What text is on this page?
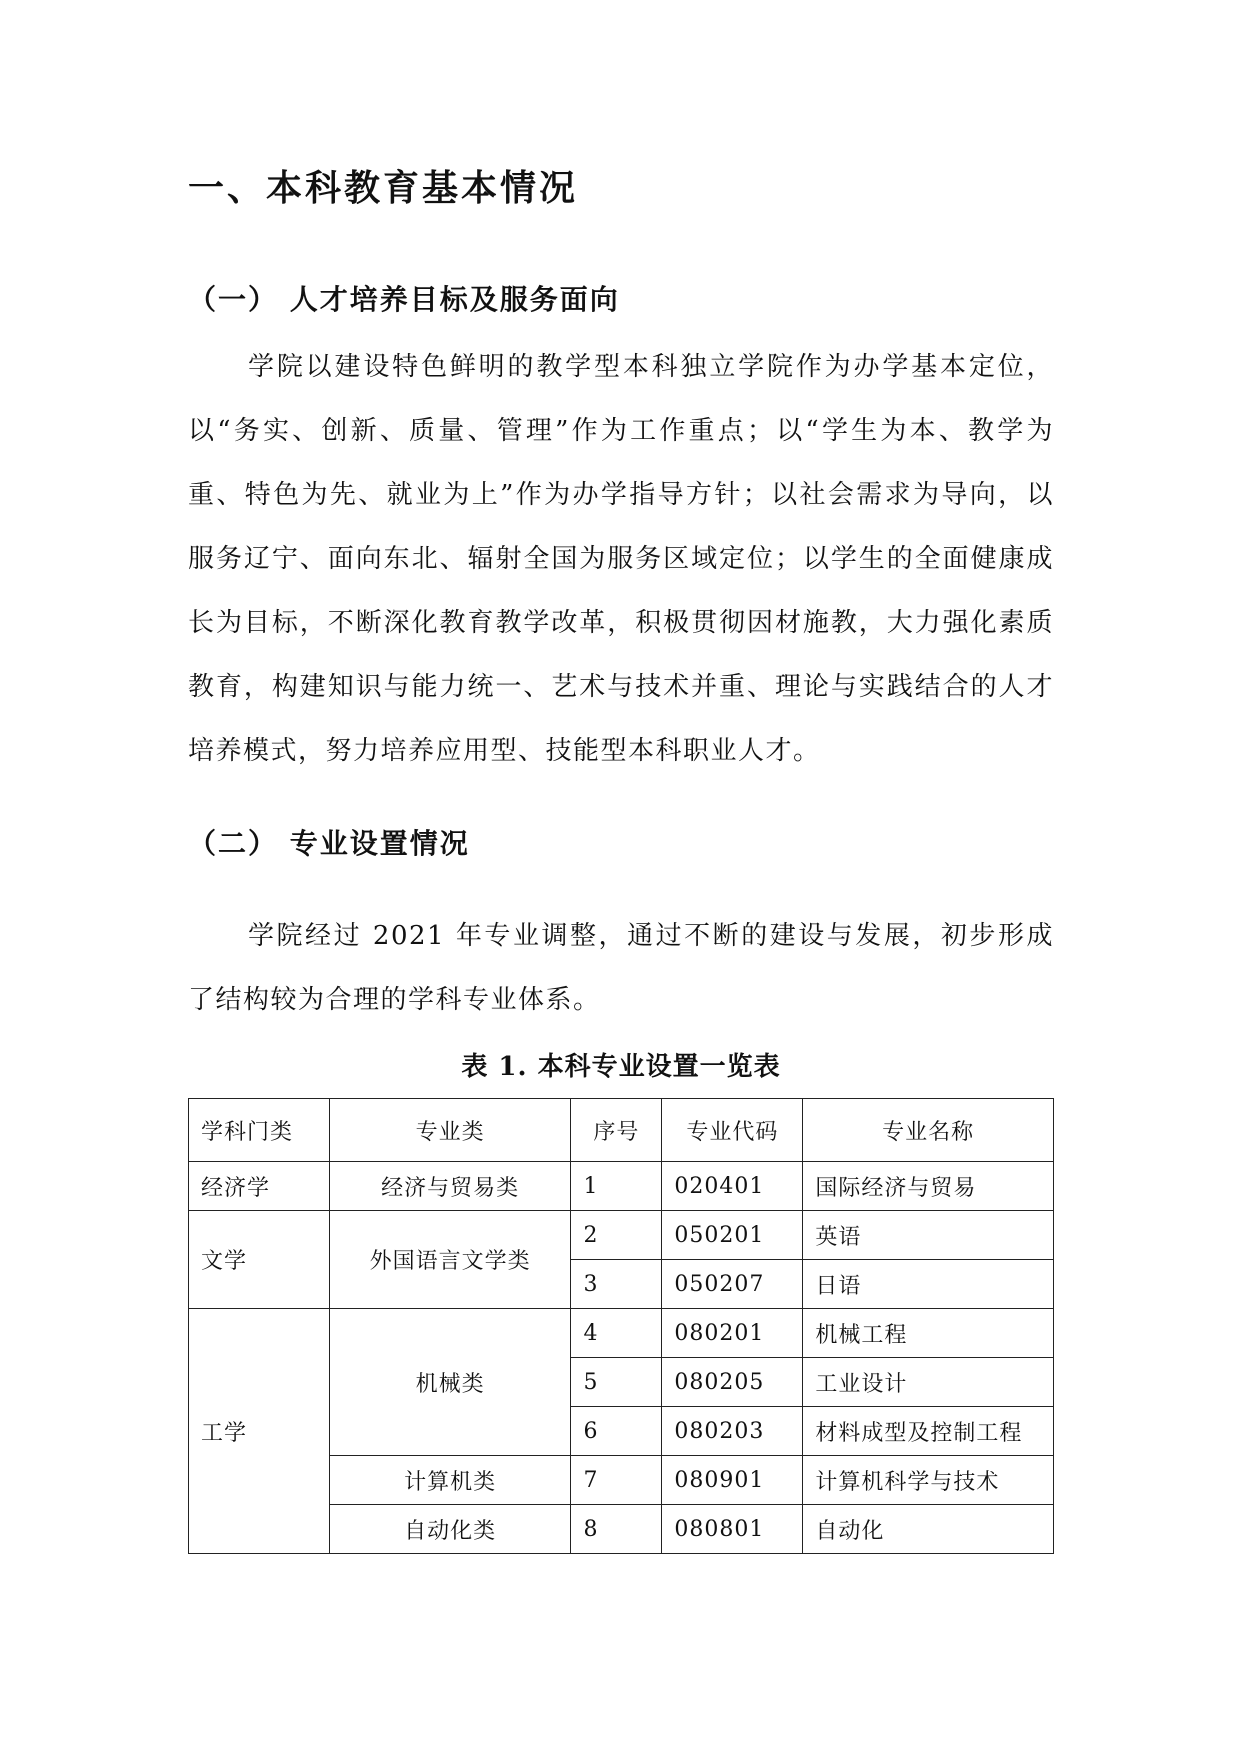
一、本科教育基本情况
（一） 人才培养目标及服务面向

学院以建设特色鲜明的教学型本科独立学院作为办学基本定位，以“务实、创新、质量、管理”作为工作重点；以“学生为本、教学为重、特色为先、就业为上”作为办学指导方针；以社会需求为导向，以服务辽宁、面向东北、辐射全国为服务区域定位；以学生的全面健康成长为目标，不断深化教育教学改革，积极贯彻因材施教，大力强化素质教育，构建知识与能力统一、艺术与技术并重、理论与实践结合的人才培养模式，努力培养应用型、技能型本科职业人才。

（二） 专业设置情况

学院经过 2021 年专业调整，通过不断的建设与发展，初步形成了结构较为合理的学科专业体系。

表 1. 本科专业设置一览表
学科门类	专业类	序号	专业代码	专业名称
经济学	经济与贸易类	1	020401	国际经济与贸易
文学	外国语言文学类	2	050201	英语
		3	050207	日语
工学	机械类	4	080201	机械工程
		5	080205	工业设计
		6	080203	材料成型及控制工程
	计算机类	7	080901	计算机科学与技术
	自动化类	8	080801	自动化
